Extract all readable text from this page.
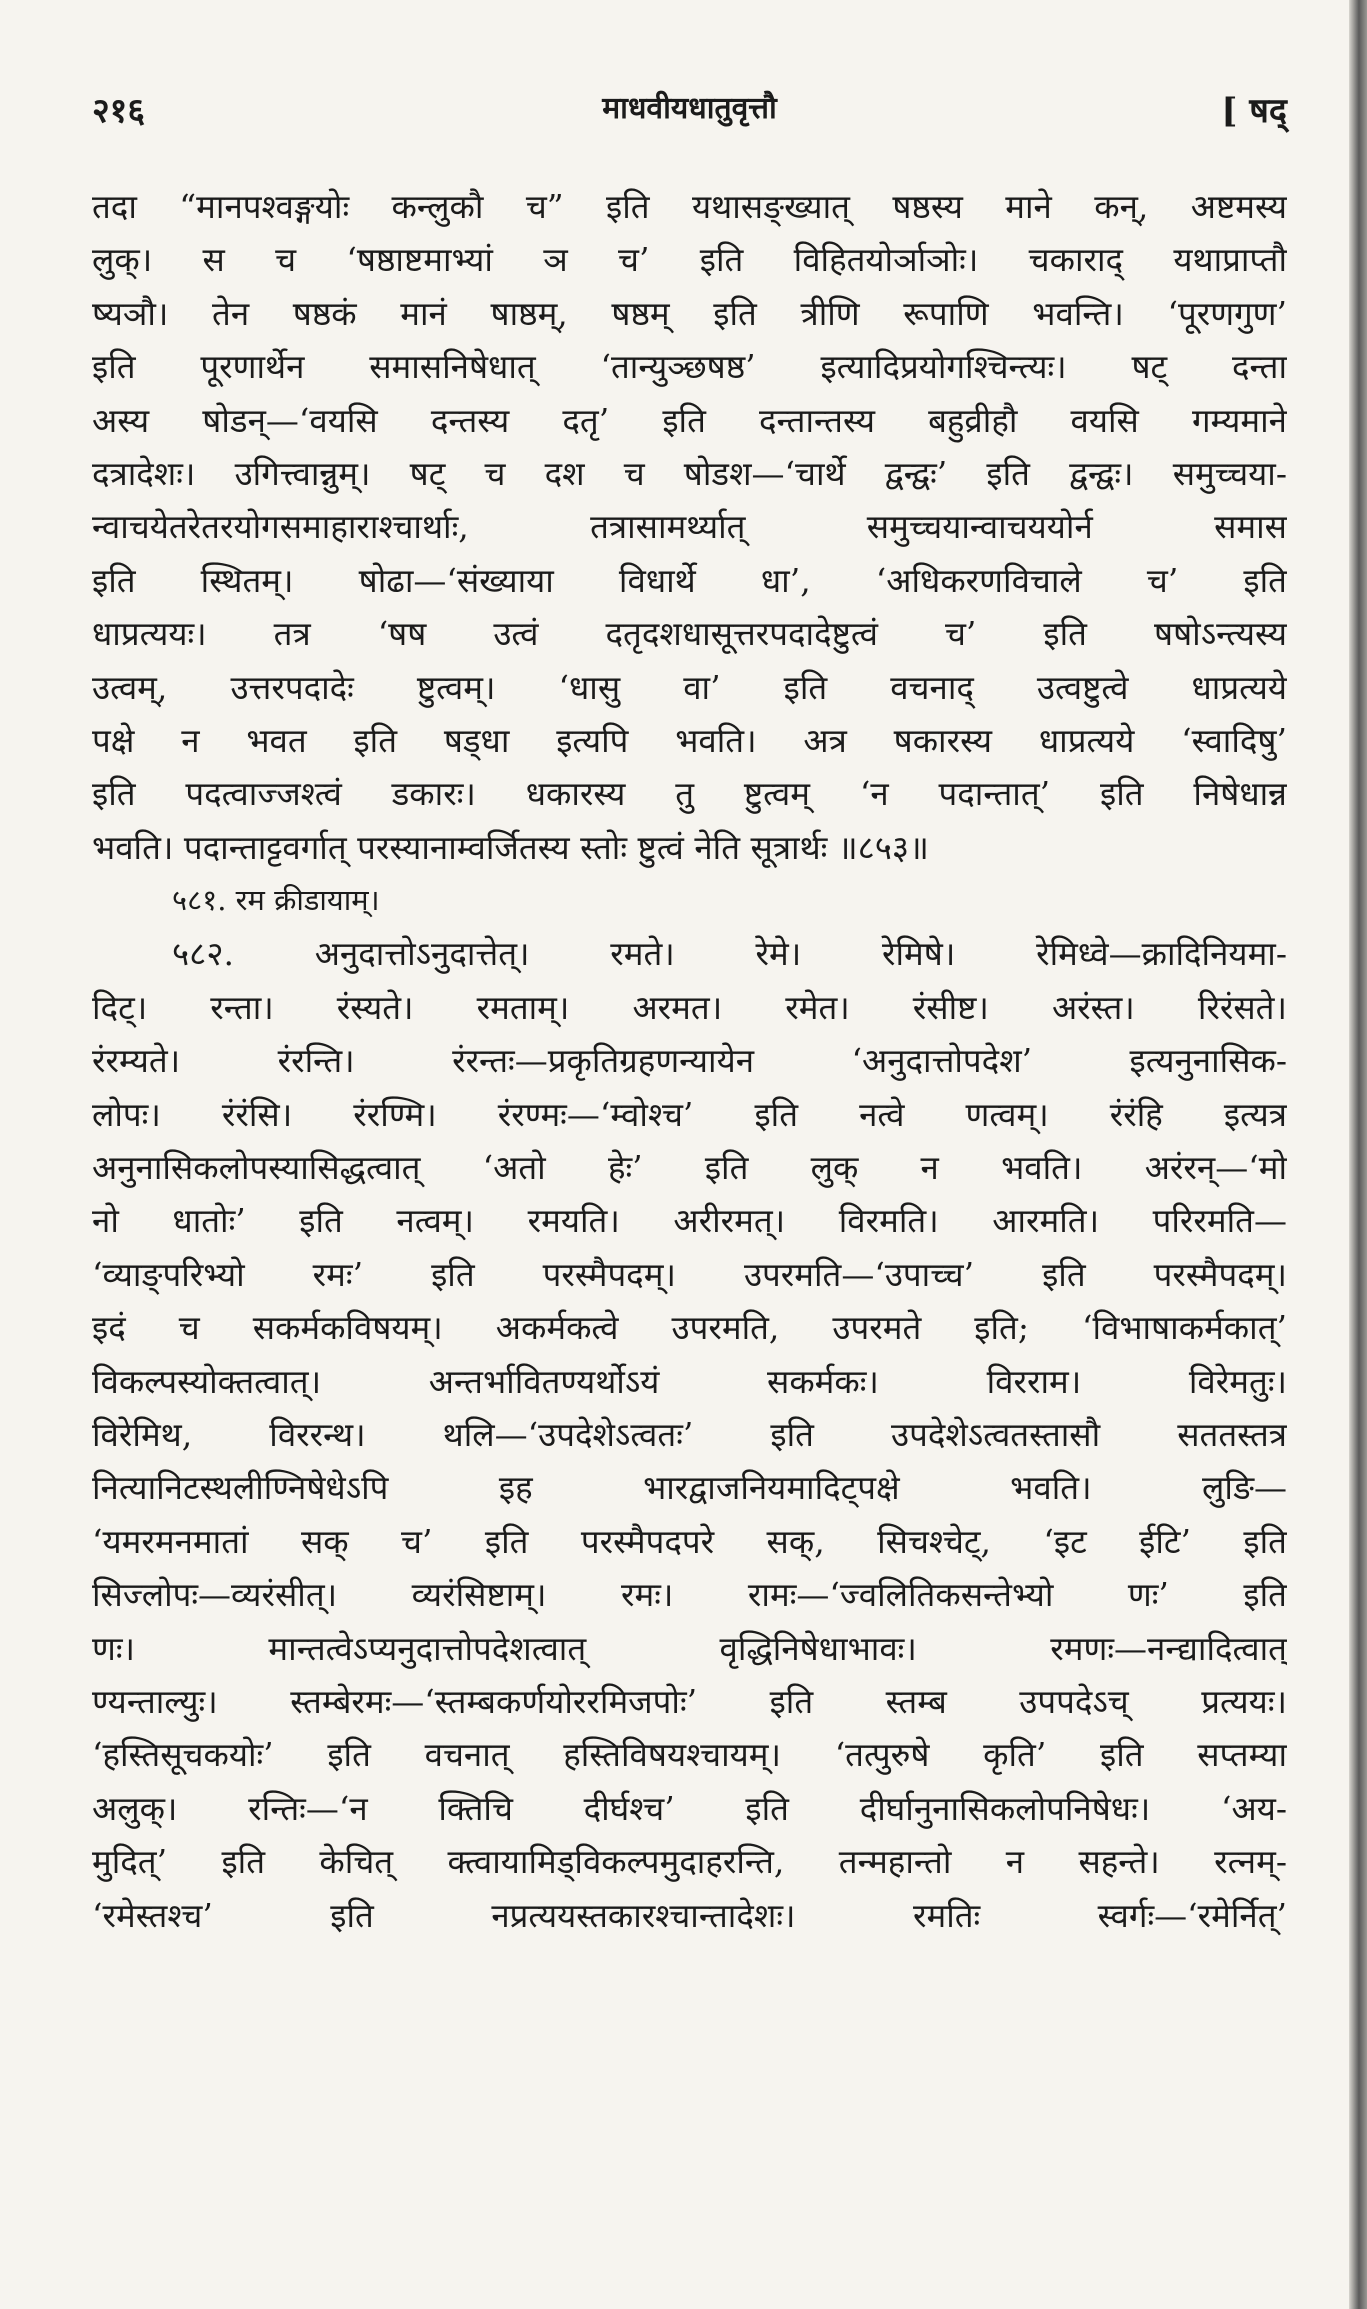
२१६	माधवीयधातुवृत्तौ	[ षद्
तदा “मानपश्वङ्गयोः कन्लुकौ च” इति यथासङ्ख्यात् षष्ठस्य माने कन्, अष्टमस्य
लुक्। स च ‘षष्ठाष्टमाभ्यां ञ च’ इति विहितयोर्ञाञोः। चकाराद् यथाप्राप्तौ
ष्यञौ। तेन षष्ठकं मानं षाष्ठम्, षष्ठम् इति त्रीणि रूपाणि भवन्ति। ‘पूरणगुण’
इति पूरणार्थेन समासनिषेधात् ‘तान्युञ्छषष्ठ’ इत्यादिप्रयोगश्चिन्त्यः। षट् दन्ता
अस्य षोडन्—‘वयसि दन्तस्य दतृ’ इति दन्तान्तस्य बहुव्रीहौ वयसि गम्यमाने
दत्रादेशः। उगित्त्वान्नुम्। षट् च दश च षोडश—‘चार्थे द्वन्द्वः’ इति द्वन्द्वः। समुच्चया-
न्वाचयेतरेतरयोगसमाहाराश्चार्थाः, तत्रासामर्थ्यात् समुच्चयान्वाचययोर्न समास
इति स्थितम्। षोढा—‘संख्याया विधार्थे धा’, ‘अधिकरणविचाले च’ इति
धाप्रत्ययः। तत्र ‘षष उत्वं दतृदशधासूत्तरपदादेष्टुत्वं च’ इति षषोऽन्त्यस्य
उत्वम्, उत्तरपदादेः ष्टुत्वम्। ‘धासु वा’ इति वचनाद् उत्वष्टुत्वे धाप्रत्यये
पक्षे न भवत इति षड्धा इत्यपि भवति। अत्र षकारस्य धाप्रत्यये ‘स्वादिषु’
इति पदत्वाज्जश्त्वं डकारः। धकारस्य तु ष्टुत्वम् ‘न पदान्तात्’ इति निषेधान्न
भवति। पदान्ताट्टवर्गात् परस्यानाम्वर्जितस्य स्तोः ष्टुत्वं नेति सूत्रार्थः ॥८५३॥
५८१. रम क्रीडायाम्।
५८२. अनुदात्तोऽनुदात्तेत्। रमते। रेमे। रेमिषे। रेमिध्वे—क्रादिनियमा-
दिट्। रन्ता। रंस्यते। रमताम्। अरमत। रमेत। रंसीष्ट। अरंस्त। रिरंसते।
रंरम्यते। रंरन्ति। रंरन्तः—प्रकृतिग्रहणन्यायेन ‘अनुदात्तोपदेश’ इत्यनुनासिक-
लोपः। रंरंसि। रंरण्मि। रंरण्मः—‘म्वोश्च’ इति नत्वे णत्वम्। रंरंहि इत्यत्र
अनुनासिकलोपस्यासिद्धत्वात् ‘अतो हेः’ इति लुक् न भवति। अरंरन्—‘मो
नो धातोः’ इति नत्वम्। रमयति। अरीरमत्। विरमति। आरमति। परिरमति—
‘व्याङ्परिभ्यो रमः’ इति परस्मैपदम्। उपरमति—‘उपाच्च’ इति परस्मैपदम्।
इदं च सकर्मकविषयम्। अकर्मकत्वे उपरमति, उपरमते इति; ‘विभाषाकर्मकात्’
विकल्पस्योक्तत्वात्। अन्तर्भावितण्यर्थोऽयं सकर्मकः। विरराम। विरेमतुः।
विरेमिथ, विररन्थ। थलि—‘उपदेशेऽत्वतः’ इति उपदेशेऽत्वतस्तासौ सततस्तत्र
नित्यानिटस्थलीण्निषेधेऽपि इह भारद्वाजनियमादिट्पक्षे भवति। लुङि—
‘यमरमनमातां सक् च’ इति परस्मैपदपरे सक्, सिचश्चेट्, ‘इट ईटि’ इति
सिज्लोपः—व्यरंसीत्। व्यरंसिष्टाम्। रमः। रामः—‘ज्वलितिकसन्तेभ्यो णः’ इति
णः। मान्तत्वेऽप्यनुदात्तोपदेशत्वात् वृद्धिनिषेधाभावः। रमणः—नन्द्यादित्वात्
ण्यन्ताल्युः। स्तम्बेरमः—‘स्तम्बकर्णयोररमिजपोः’ इति स्तम्ब उपपदेऽच् प्रत्ययः।
‘हस्तिसूचकयोः’ इति वचनात् हस्तिविषयश्चायम्। ‘तत्पुरुषे कृति’ इति सप्तम्या
अलुक्। रन्तिः—‘न क्तिचि दीर्घश्च’ इति दीर्घानुनासिकलोपनिषेधः। ‘अय-
मुदित्’ इति केचित् क्त्वायामिड्विकल्पमुदाहरन्ति, तन्महान्तो न सहन्ते। रत्नम्-
‘रमेस्तश्च’ इति नप्रत्ययस्तकारश्चान्तादेशः। रमतिः स्वर्गः—‘रमेर्नित्’
